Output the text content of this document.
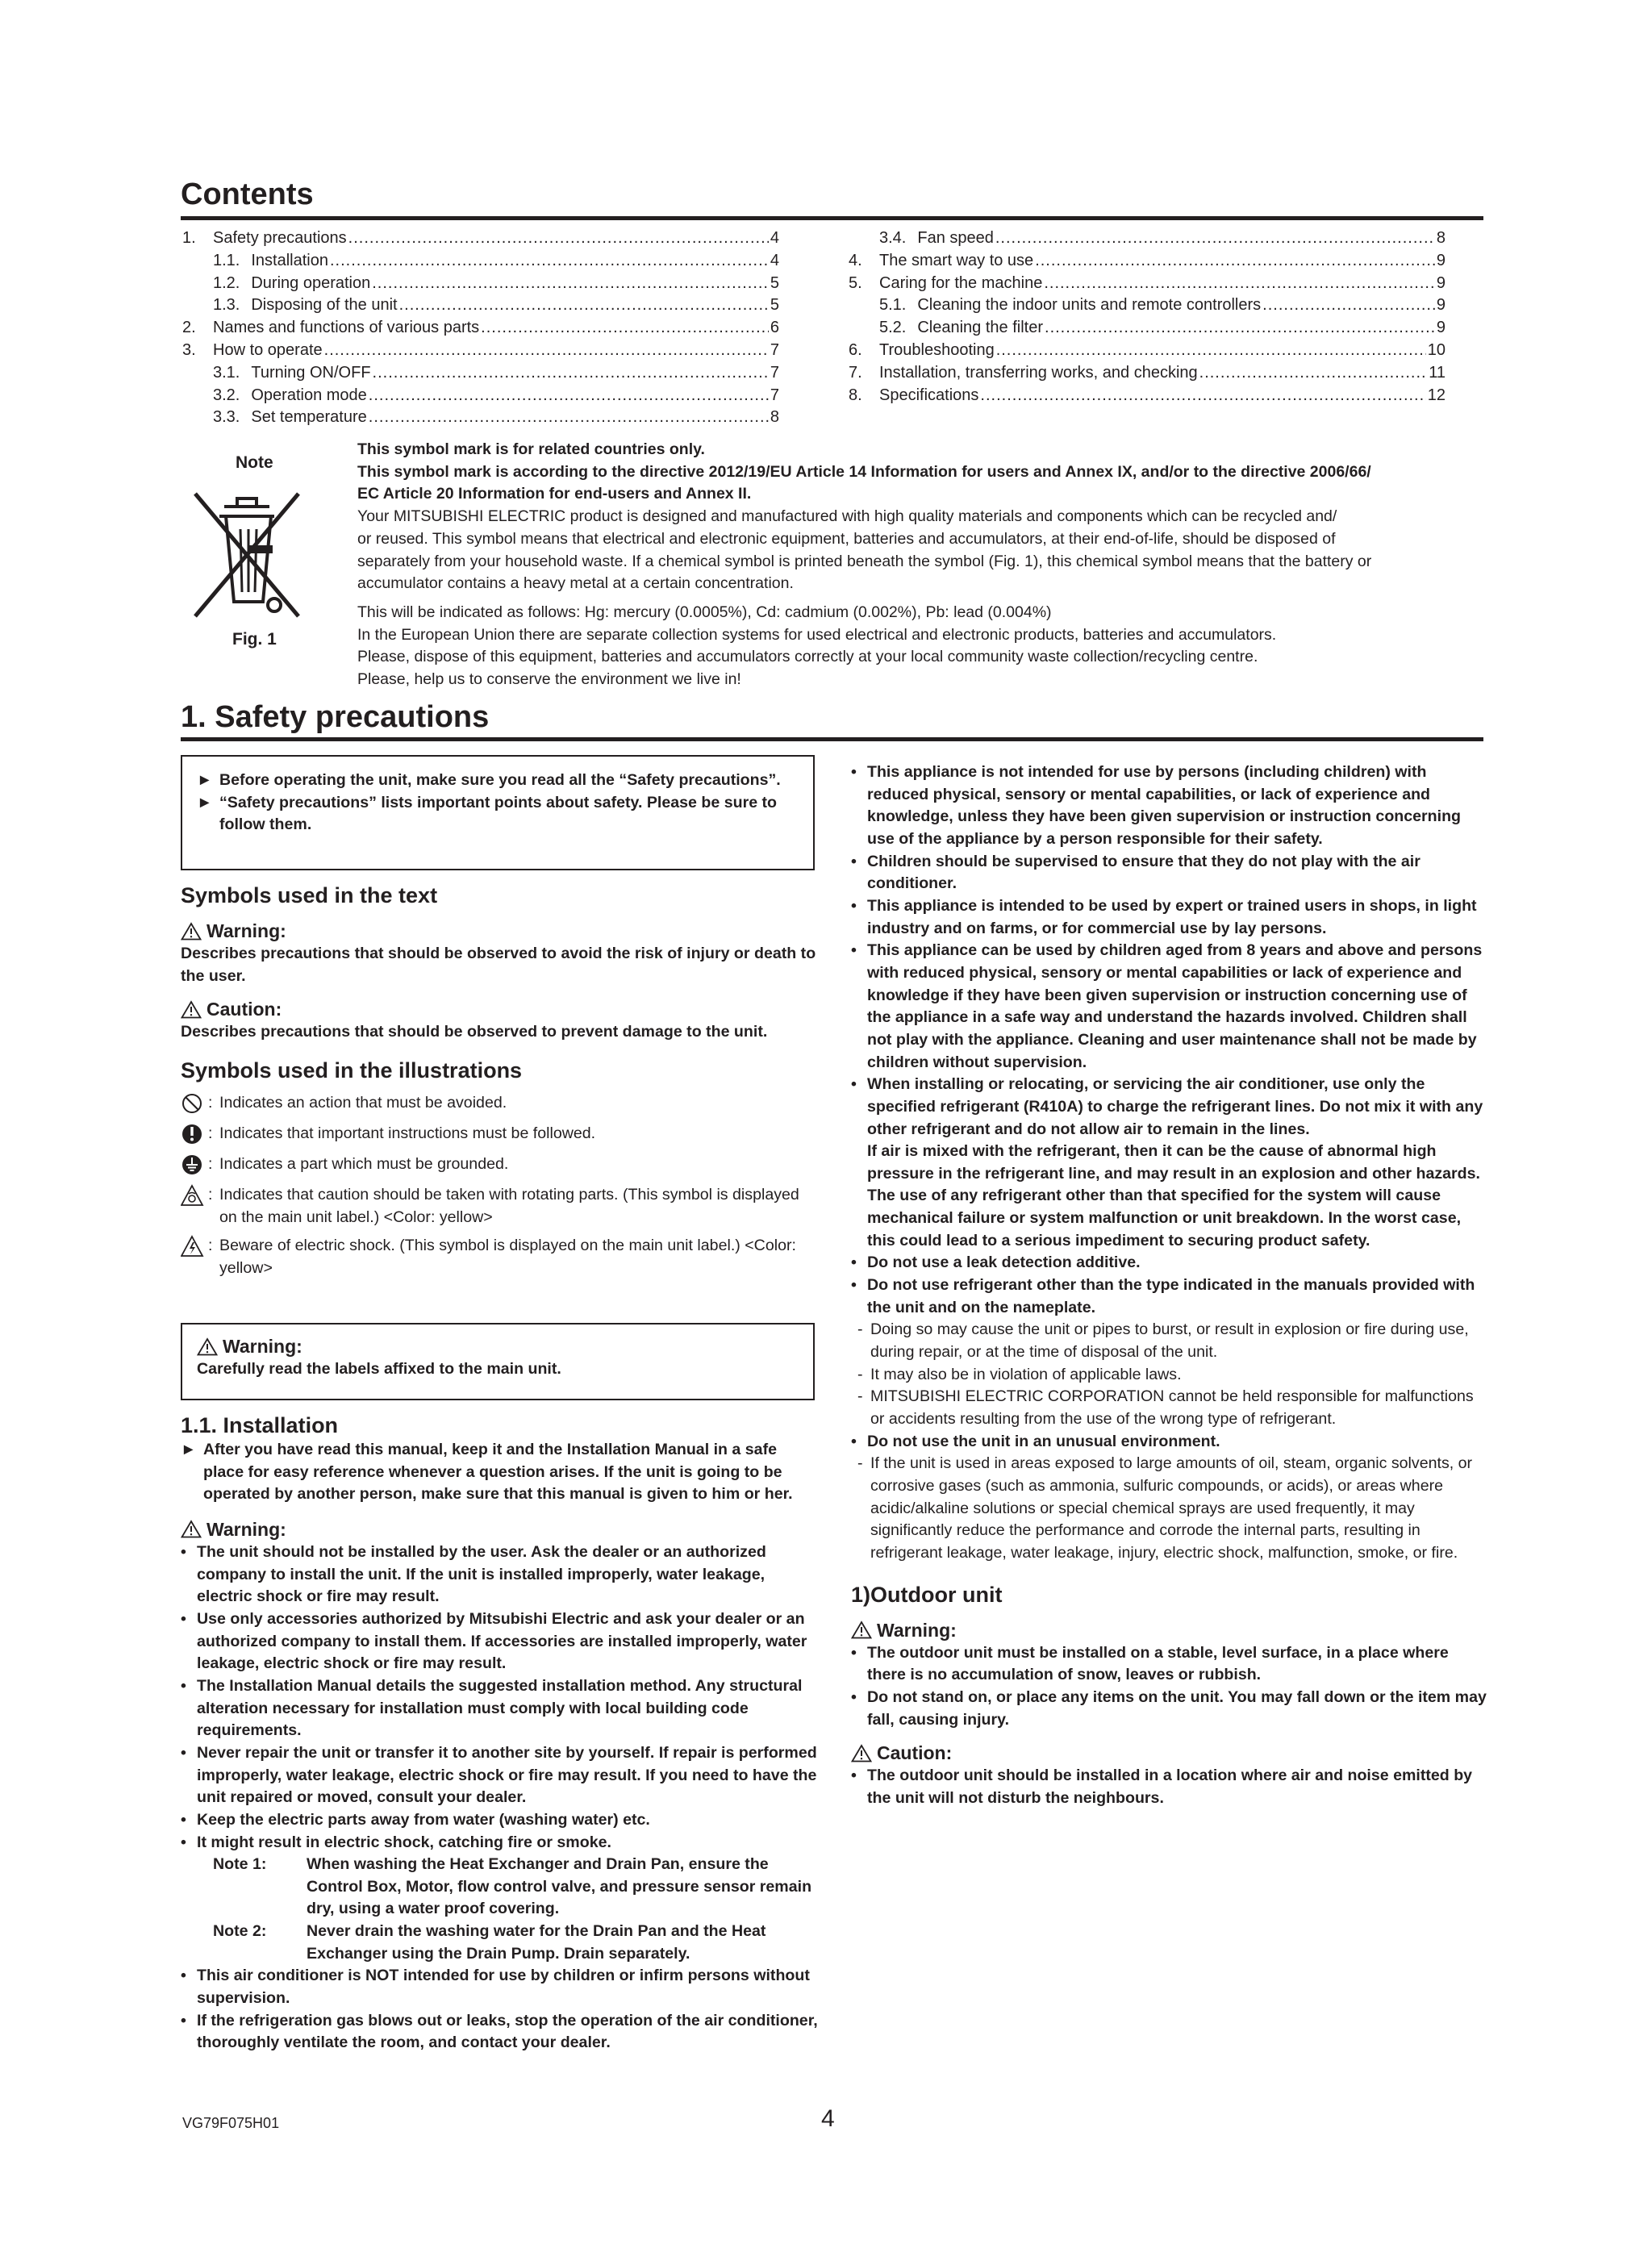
Contents
1.	Safety precautions .....	4
1.1. Installation .....	4
1.2. During operation .....	5
1.3. Disposing of the unit .....	5
2.	Names and functions of various parts .....	6
3.	How to operate .....	7
3.1. Turning ON/OFF .....	7
3.2. Operation mode .....	7
3.3. Set temperature .....	8
3.4. Fan speed .....	8
4.	The smart way to use .....	9
5.	Caring for the machine .....	9
5.1. Cleaning the indoor units and remote controllers .....	9
5.2. Cleaning the filter .....	9
6.	Troubleshooting .....	10
7.	Installation, transferring works, and checking .....	11
8.	Specifications .....	12
Note
Fig. 1

This symbol mark is for related countries only.

This symbol mark is according to the directive 2012/19/EU Article 14 Information for users and Annex IX, and/or to the directive 2006/66/

EC Article 20 Information for end-users and Annex II.

Your MITSUBISHI ELECTRIC product is designed and manufactured with high quality materials and components which can be recycled and/

or reused. This symbol means that electrical and electronic equipment, batteries and accumulators, at their end-of-life, should be disposed of

separately from your household waste. If a chemical symbol is printed beneath the symbol (Fig. 1), this chemical symbol means that the battery or

accumulator contains a heavy metal at a certain concentration.

This will be indicated as follows: Hg: mercury (0.0005%), Cd: cadmium (0.002%), Pb: lead (0.004%)

In the European Union there are separate collection systems for used electrical and electronic products, batteries and accumulators.

Please, dispose of this equipment, batteries and accumulators correctly at your local community waste collection/recycling centre.

Please, help us to conserve the environment we live in!

1. Safety precautions
► Before operating the unit, make sure you read all the “Safety precautions”.
► “Safety precautions” lists important points about safety. Please be sure to follow them.
Symbols used in the text
Warning:

Describes precautions that should be observed to avoid the risk of injury or death to the user.

Caution:

Describes precautions that should be observed to prevent damage to the unit.

Symbols used in the illustrations
: Indicates an action that must be avoided.
: Indicates that important instructions must be followed.
: Indicates a part which must be grounded.
: Indicates that caution should be taken with rotating parts. (This symbol is displayed on the main unit label.) <Color: yellow>
: Beware of electric shock. (This symbol is displayed on the main unit label.) <Color: yellow>
Warning:

Carefully read the labels affixed to the main unit.

1.1. Installation
► After you have read this manual, keep it and the Installation Manual in a safe place for easy reference whenever a question arises. If the unit is going to be operated by another person, make sure that this manual is given to him or her.
Warning:
• The unit should not be installed by the user. Ask the dealer or an authorized company to install the unit. If the unit is installed improperly, water leakage, electric shock or fire may result.
• Use only accessories authorized by Mitsubishi Electric and ask your dealer or an authorized company to install them. If accessories are installed improperly, water leakage, electric shock or fire may result.
• The Installation Manual details the suggested installation method. Any structural alteration necessary for installation must comply with local building code requirements.
• Never repair the unit or transfer it to another site by yourself. If repair is performed improperly, water leakage, electric shock or fire may result. If you need to have the unit repaired or moved, consult your dealer.
• Keep the electric parts away from water (washing water) etc.
• It might result in electric shock, catching fire or smoke.
Note 1:	When washing the Heat Exchanger and Drain Pan, ensure the Control Box, Motor, flow control valve, and pressure sensor remain dry, using a water proof covering.
Note 2:	Never drain the washing water for the Drain Pan and the Heat Exchanger using the Drain Pump. Drain separately.
• This air conditioner is NOT intended for use by children or infirm persons without supervision.
• If the refrigeration gas blows out or leaks, stop the operation of the air conditioner, thoroughly ventilate the room, and contact your dealer.
• This appliance is not intended for use by persons (including children) with reduced physical, sensory or mental capabilities, or lack of experience and knowledge, unless they have been given supervision or instruction concerning use of the appliance by a person responsible for their safety.
• Children should be supervised to ensure that they do not play with the air conditioner.
• This appliance is intended to be used by expert or trained users in shops, in light industry and on farms, or for commercial use by lay persons.
• This appliance can be used by children aged from 8 years and above and persons with reduced physical, sensory or mental capabilities or lack of experience and knowledge if they have been given supervision or instruction concerning use of the appliance in a safe way and understand the hazards involved. Children shall not play with the appliance. Cleaning and user maintenance shall not be made by children without supervision.
• When installing or relocating, or servicing the air conditioner, use only the specified refrigerant (R410A) to charge the refrigerant lines. Do not mix it with any other refrigerant and do not allow air to remain in the lines.

If air is mixed with the refrigerant, then it can be the cause of abnormal high pressure in the refrigerant line, and may result in an explosion and other hazards. The use of any refrigerant other than that specified for the system will cause mechanical failure or system malfunction or unit breakdown. In the worst case, this could lead to a serious impediment to securing product safety.

• Do not use a leak detection additive.
• Do not use refrigerant other than the type indicated in the manuals provided with the unit and on the nameplate.
- Doing so may cause the unit or pipes to burst, or result in explosion or fire during use, during repair, or at the time of disposal of the unit.
- It may also be in violation of applicable laws.
- MITSUBISHI ELECTRIC CORPORATION cannot be held responsible for malfunctions or accidents resulting from the use of the wrong type of refrigerant.
• Do not use the unit in an unusual environment.
- If the unit is used in areas exposed to large amounts of oil, steam, organic solvents, or corrosive gases (such as ammonia, sulfuric compounds, or acids), or areas where acidic/alkaline solutions or special chemical sprays are used frequently, it may significantly reduce the performance and corrode the internal parts, resulting in refrigerant leakage, water leakage, injury, electric shock, malfunction, smoke, or fire.
1)Outdoor unit
Warning:
• The outdoor unit must be installed on a stable, level surface, in a place where there is no accumulation of snow, leaves or rubbish.
• Do not stand on, or place any items on the unit. You may fall down or the item may fall, causing injury.
Caution:
• The outdoor unit should be installed in a location where air and noise emitted by the unit will not disturb the neighbours.
VG79F075H01	4
